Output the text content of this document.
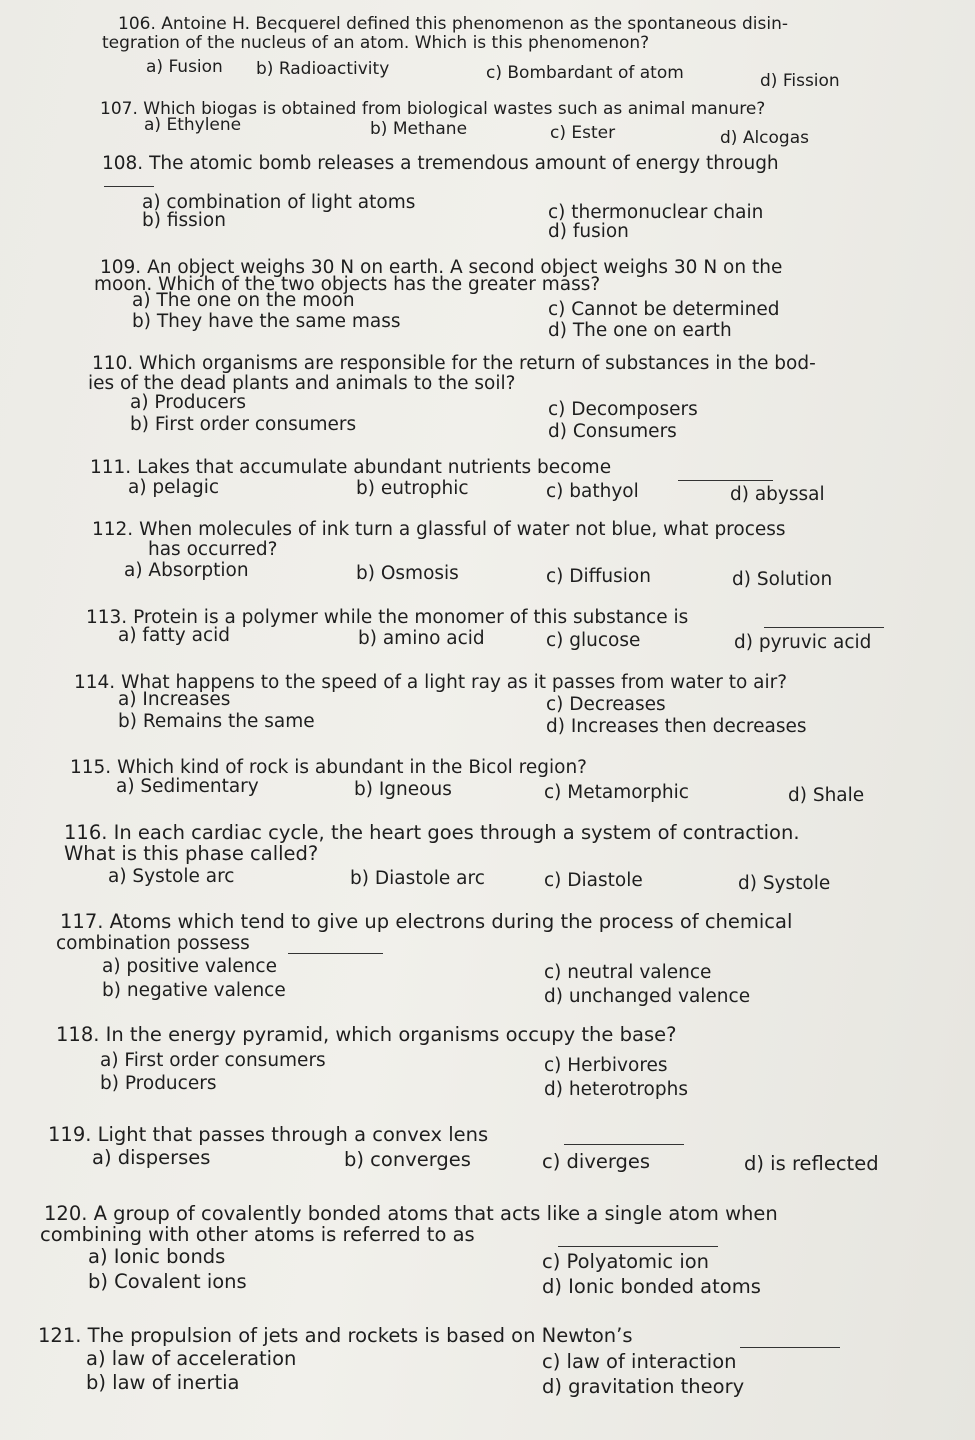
106. Antoine H. Becquerel defined this phenomenon as the spontaneous disin-
tegration of the nucleus of an atom. Which is this phenomenon?
a) Fusion b) Radioactivity	c) Bombardant of atom	d) Fission
107. Which biogas is obtained from biological wastes such as animal manure?
a) Ethylene	b) Methane	c) Ester	d) Alcogas
108. The atomic bomb releases a tremendous amount of energy through
a) combination of light atoms
b) fission	c) thermonuclear chain
d) fusion
109. An object weighs 30 N on earth. A second object weighs 30 N on the
moon. Which of the two objects has the greater mass?
a) The one on the moon
b) They have the same mass
c) Cannot be determined
d) The one on earth
110. Which organisms are responsible for the return of substances in the bod-
ies of the dead plants and animals to the soil?
a) Producers
b) First order consumers
c) Decomposers
d) Consumers
111. Lakes that accumulate abundant nutrients become
a) pelagic	b) eutrophic	c) bathyol	d) abyssal
112. When molecules of ink turn a glassful of water not blue, what process
has occurred?
a) Absorption	b) Osmosis	c) Diffusion	d) Solution
113. Protein is a polymer while the monomer of this substance is
a) fatty acid	b) amino acid	c) glucose	d) pyruvic acid
114. What happens to the speed of a light ray as it passes from water to air?
a) Increases
b) Remains the same
c) Decreases
d) Increases then decreases
115. Which kind of rock is abundant in the Bicol region?
a) Sedimentary	b) Igneous	c) Metamorphic	d) Shale
116. In each cardiac cycle, the heart goes through a system of contraction.
What is this phase called?
a) Systole arc	b) Diastole arc	c) Diastole	d) Systole
117. Atoms which tend to give up electrons during the process of chemical
combination possess
a) positive valence
b) negative valence
c) neutral valence
d) unchanged valence
118. In the energy pyramid, which organisms occupy the base?
a) First order consumers
b) Producers
c) Herbivores
d) heterotrophs
119. Light that passes through a convex lens
a) disperses	b) converges	c) diverges	d) is reflected
120. A group of covalently bonded atoms that acts like a single atom when
combining with other atoms is referred to as
a) Ionic bonds
b) Covalent ions
c) Polyatomic ion
d) Ionic bonded atoms
121. The propulsion of jets and rockets is based on Newton’s
a) law of acceleration
b) law of inertia
c) law of interaction
d) gravitation theory
